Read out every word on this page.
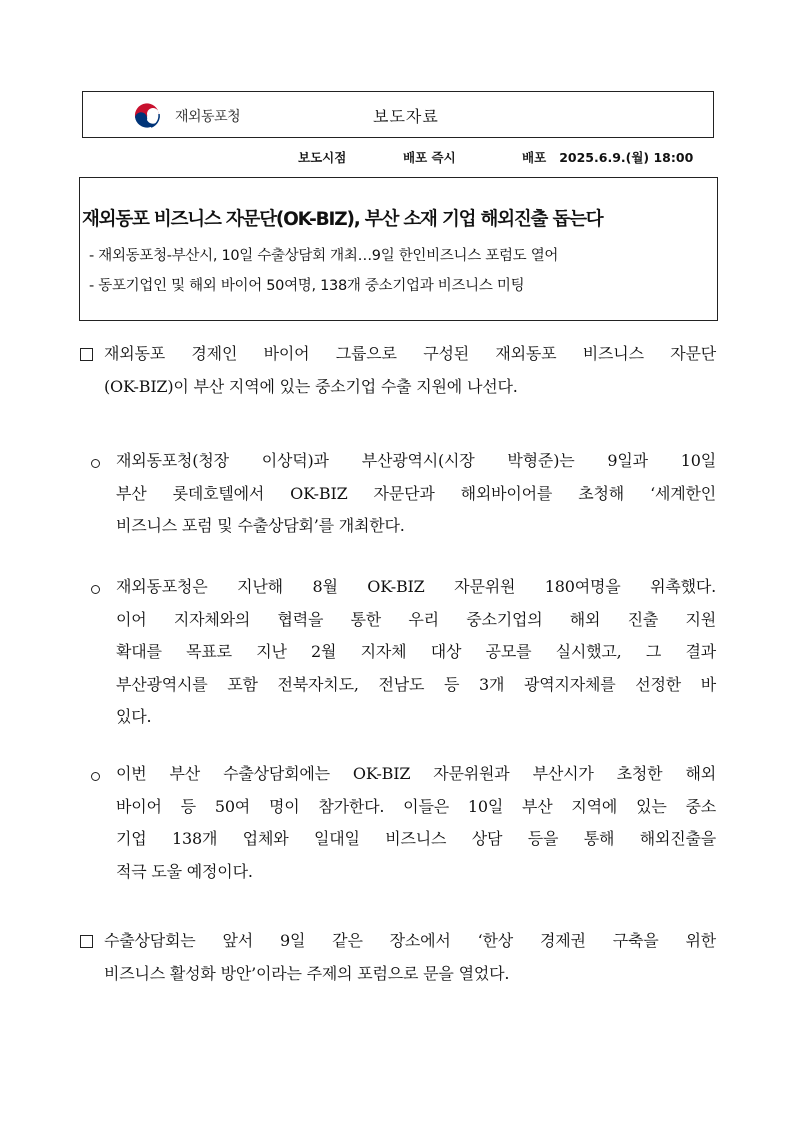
재외동포청	보도자료
보도시점	배포 즉시	배포   2025.6.9.(월) 18:00
재외동포 비즈니스 자문단(OK-BIZ), 부산 소재 기업 해외진출 돕는다
- 재외동포청-부산시, 10일 수출상담회 개최…9일 한인비즈니스 포럼도 열어
- 동포기업인 및 해외 바이어 50여명, 138개 중소기업과 비즈니스 미팅
재외동포 경제인 바이어 그룹으로 구성된 재외동포 비즈니스 자문단
(OK-BIZ)이 부산 지역에 있는 중소기업 수출 지원에 나선다.
재외동포청(청장 이상덕)과 부산광역시(시장 박형준)는 9일과 10일
부산 롯데호텔에서 OK-BIZ 자문단과 해외바이어를 초청해 ‘세계한인
비즈니스 포럼 및 수출상담회’를 개최한다.
재외동포청은 지난해 8월 OK-BIZ 자문위원 180여명을 위촉했다.
이어 지자체와의 협력을 통한 우리 중소기업의 해외 진출 지원
확대를 목표로 지난 2월 지자체 대상 공모를 실시했고, 그 결과
부산광역시를 포함 전북자치도, 전남도 등 3개 광역지자체를 선정한 바
있다.
이번 부산 수출상담회에는 OK-BIZ 자문위원과 부산시가 초청한 해외
바이어 등 50여 명이 참가한다. 이들은 10일 부산 지역에 있는 중소
기업 138개 업체와 일대일 비즈니스 상담 등을 통해 해외진출을
적극 도울 예정이다.
수출상담회는 앞서 9일 같은 장소에서 ‘한상 경제권 구축을 위한
비즈니스 활성화 방안’이라는 주제의 포럼으로 문을 열었다.
